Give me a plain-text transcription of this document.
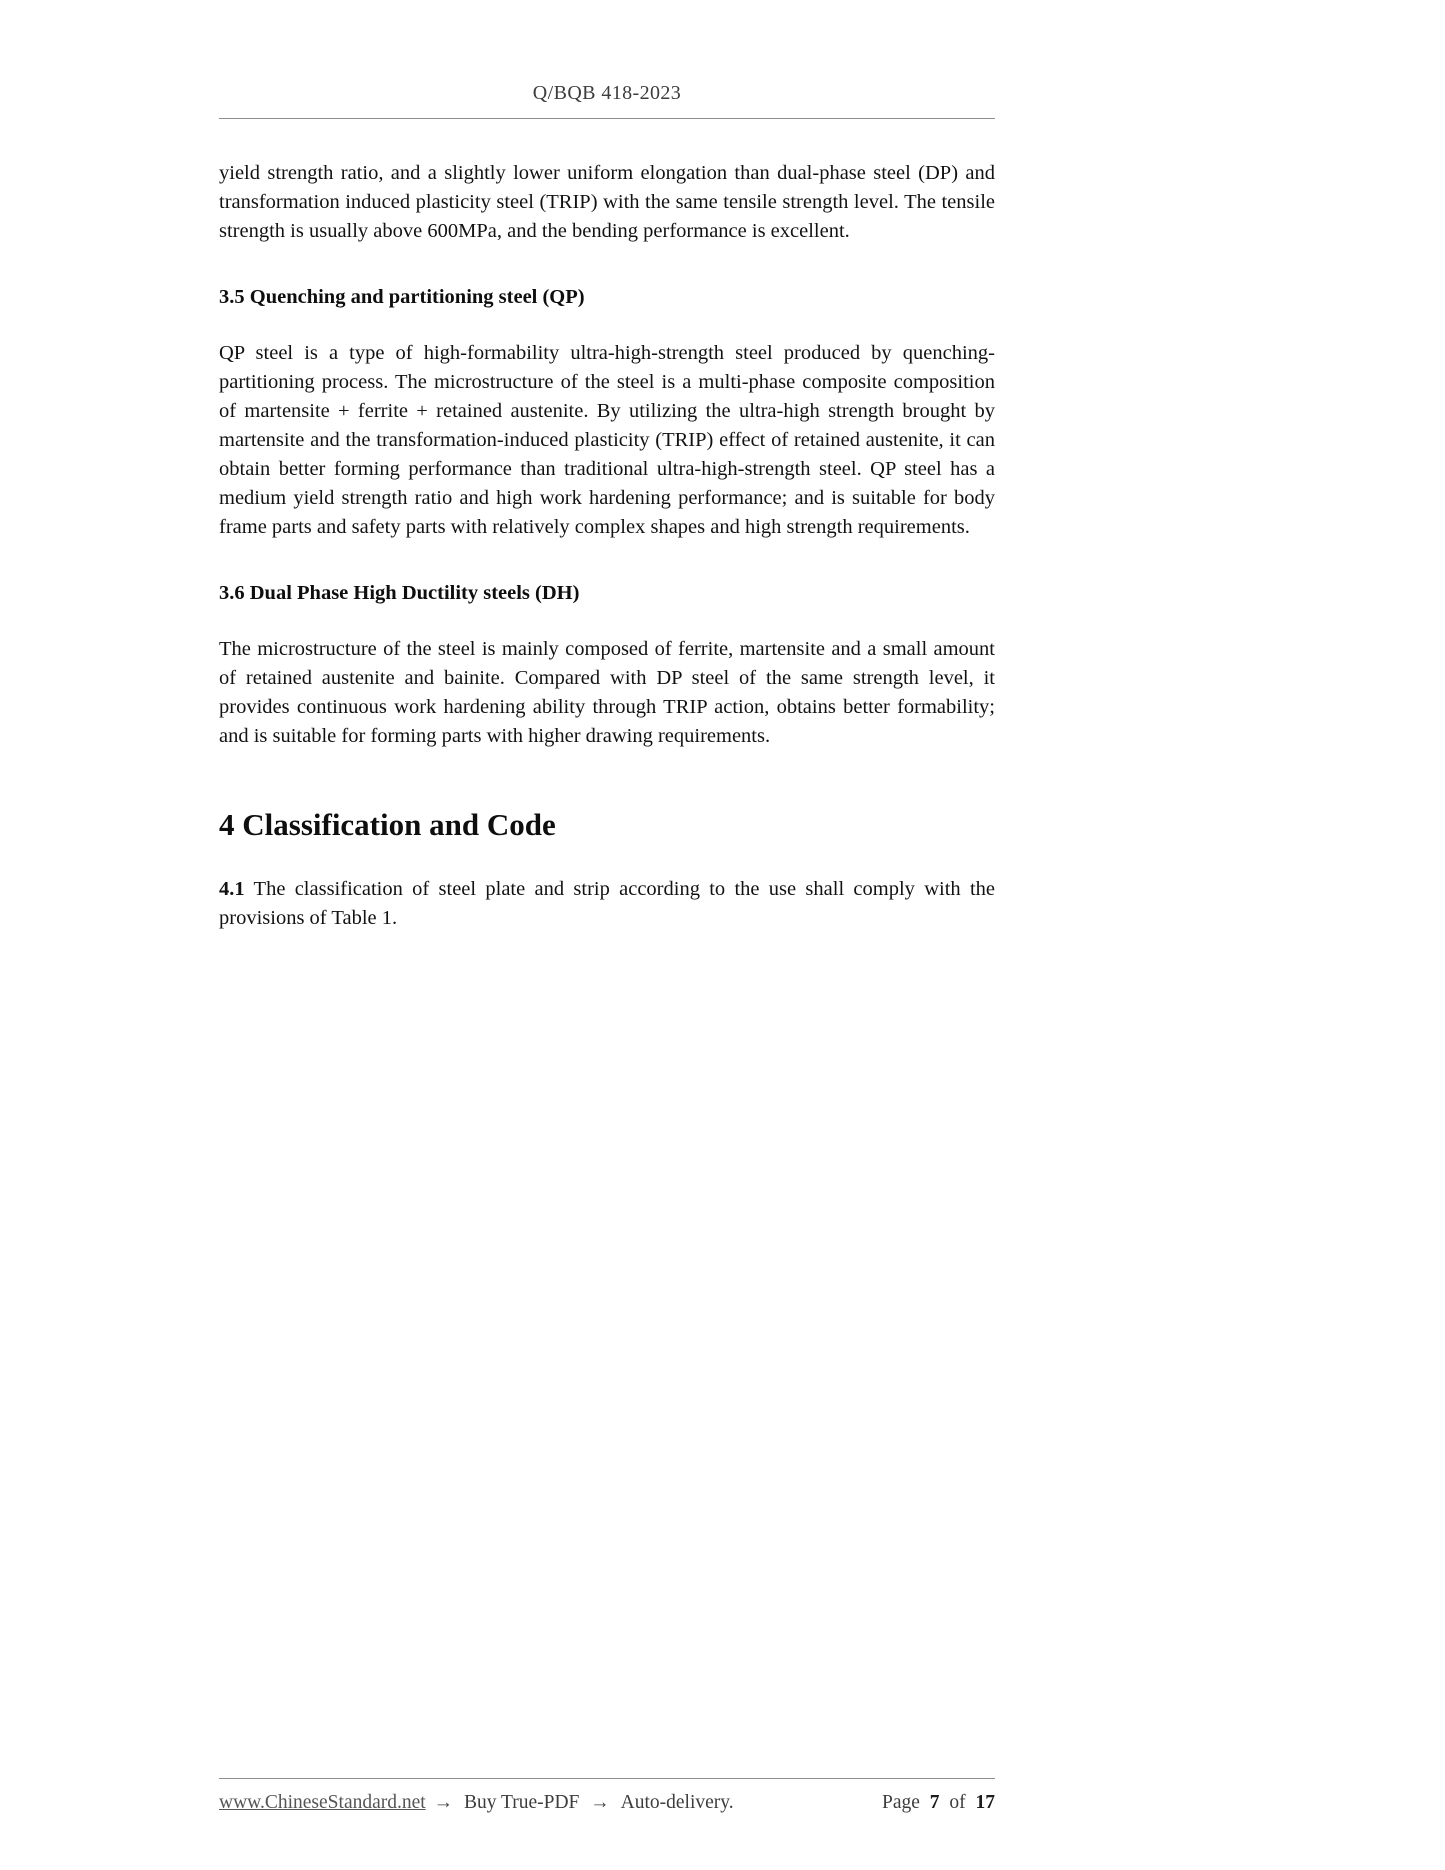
Q/BQB 418-2023

yield strength ratio, and a slightly lower uniform elongation than dual-phase steel (DP) and transformation induced plasticity steel (TRIP) with the same tensile strength level. The tensile strength is usually above 600MPa, and the bending performance is excellent.

3.5 Quenching and partitioning steel (QP)

QP steel is a type of high-formability ultra-high-strength steel produced by quenching-partitioning process. The microstructure of the steel is a multi-phase composite composition of martensite + ferrite + retained austenite. By utilizing the ultra-high strength brought by martensite and the transformation-induced plasticity (TRIP) effect of retained austenite, it can obtain better forming performance than traditional ultra-high-strength steel. QP steel has a medium yield strength ratio and high work hardening performance; and is suitable for body frame parts and safety parts with relatively complex shapes and high strength requirements.

3.6 Dual Phase High Ductility steels (DH)

The microstructure of the steel is mainly composed of ferrite, martensite and a small amount of retained austenite and bainite. Compared with DP steel of the same strength level, it provides continuous work hardening ability through TRIP action, obtains better formability; and is suitable for forming parts with higher drawing requirements.

4 Classification and Code

4.1 The classification of steel plate and strip according to the use shall comply with the provisions of Table 1.

www.ChineseStandard.net → Buy True-PDF → Auto-delivery.	Page 7 of 17
